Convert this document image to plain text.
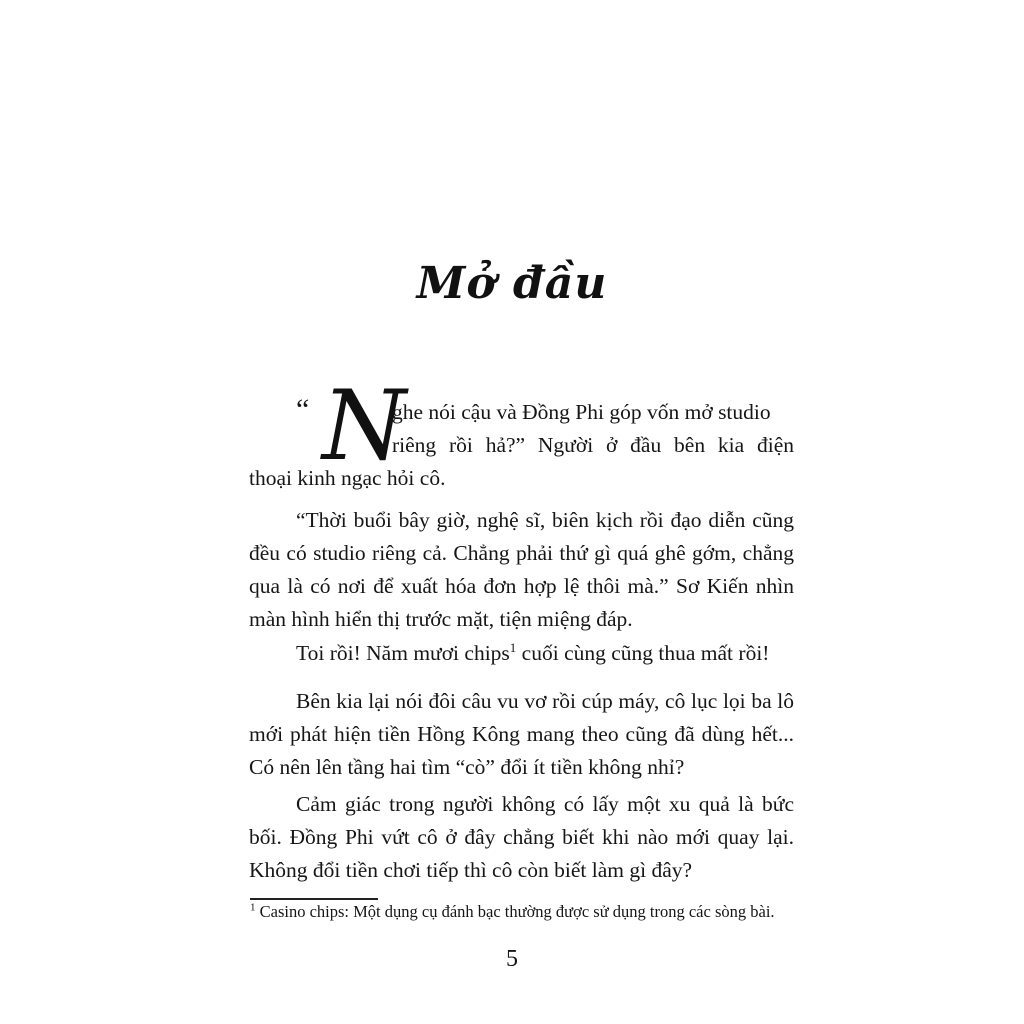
Mở đầu
“ N
ghe nói cậu và Đồng Phi góp vốn mở studio
riêng rồi hả?” Người ở đầu bên kia điện
thoại kinh ngạc hỏi cô.
“Thời buổi bây giờ, nghệ sĩ, biên kịch rồi đạo diễn cũng đều có studio riêng cả. Chẳng phải thứ gì quá ghê gớm, chẳng qua là có nơi để xuất hóa đơn hợp lệ thôi mà.” Sơ Kiến nhìn màn hình hiển thị trước mặt, tiện miệng đáp.
Toi rồi! Năm mươi chips$^1$ cuối cùng cũng thua mất rồi!
Bên kia lại nói đôi câu vu vơ rồi cúp máy, cô lục lọi ba lô mới phát hiện tiền Hồng Kông mang theo cũng đã dùng hết... Có nên lên tầng hai tìm “cò” đổi ít tiền không nhỉ?
Cảm giác trong người không có lấy một xu quả là bức bối. Đồng Phi vứt cô ở đây chẳng biết khi nào mới quay lại. Không đổi tiền chơi tiếp thì cô còn biết làm gì đây?
$^1$ Casino chips: Một dụng cụ đánh bạc thường được sử dụng trong các sòng bài.
5
